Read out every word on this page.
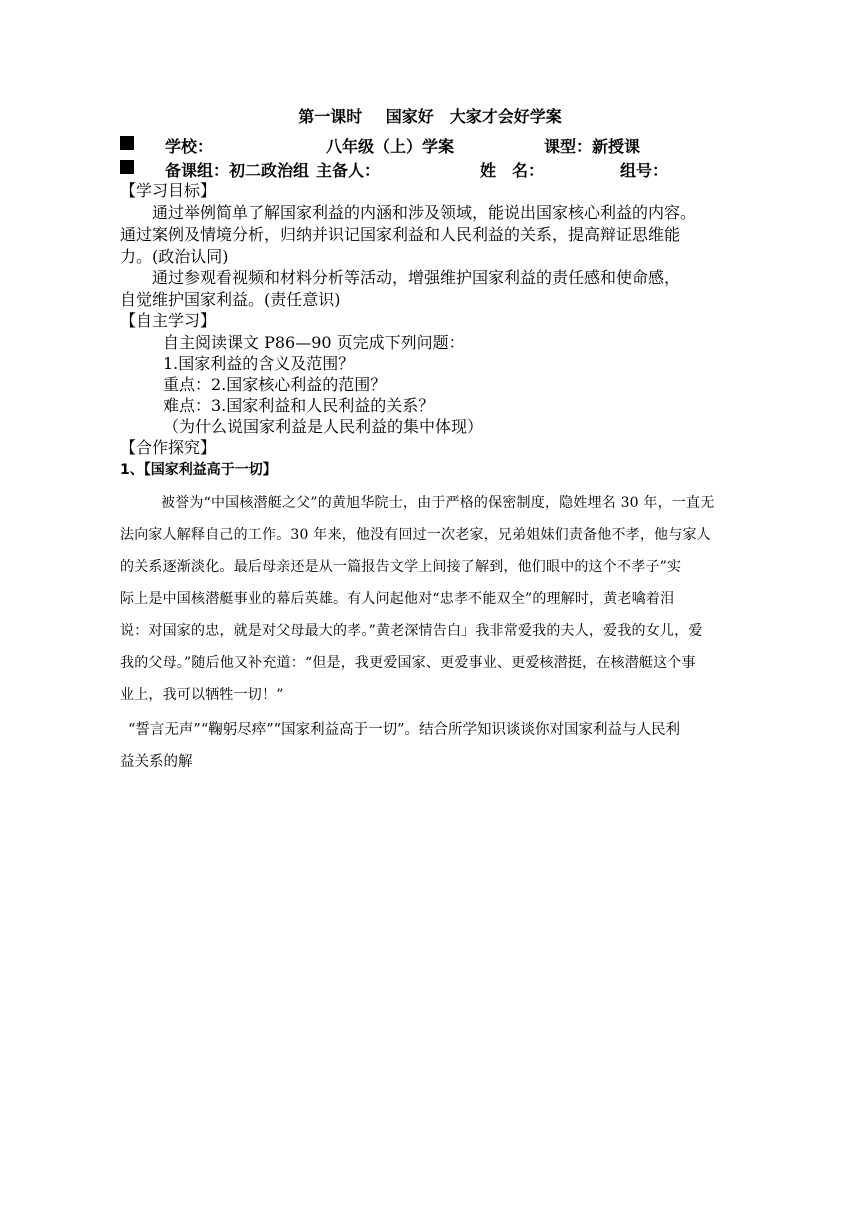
第一课时 国家好　大家才会好学案
学校：	八年级（上）学案	课型：新授课
备课组：初二政治组 主备人：	姓　名：	组号：
【学习目标】
通过举例简单了解国家利益的内涵和涉及领域，能说出国家核心利益的内容。
通过案例及情境分析，归纳并识记国家利益和人民利益的关系，提高辩证思维能
力。(政治认同)
通过参观看视频和材料分析等活动，增强维护国家利益的责任感和使命感，
自觉维护国家利益。(责任意识)
【自主学习】
自主阅读课文 P86—90 页完成下列问题：
1.国家利益的含义及范围？
重点：2.国家核心利益的范围？
难点：3.国家利益和人民利益的关系？
（为什么说国家利益是人民利益的集中体现）
【合作探究】
1、【国家利益高于一切】
被誉为“中国核潜艇之父”的黄旭华院士，由于严格的保密制度，隐姓埋名 30 年，一直无
法向家人解释自己的工作。30 年来，他没有回过一次老家，兄弟姐妹们责备他不孝，他与家人
的关系逐渐淡化。最后母亲还是从一篇报告文学上间接了解到，他们眼中的这个不孝子”实
际上是中国核潜艇事业的幕后英雄。有人问起他对“忠孝不能双全”的理解时，黄老噙着泪
说：对国家的忠，就是对父母最大的孝。”黄老深情告白」我非常爱我的夫人，爱我的女儿，爱
我的父母。”随后他又补充道：“但是，我更爱国家、更爱事业、更爱核潜挺，在核潜艇这个事
业上，我可以牺牲一切！”
“誓言无声”“鞠躬尽瘁”“国家利益高于一切”。结合所学知识谈谈你对国家利益与人民利
益关系的解
